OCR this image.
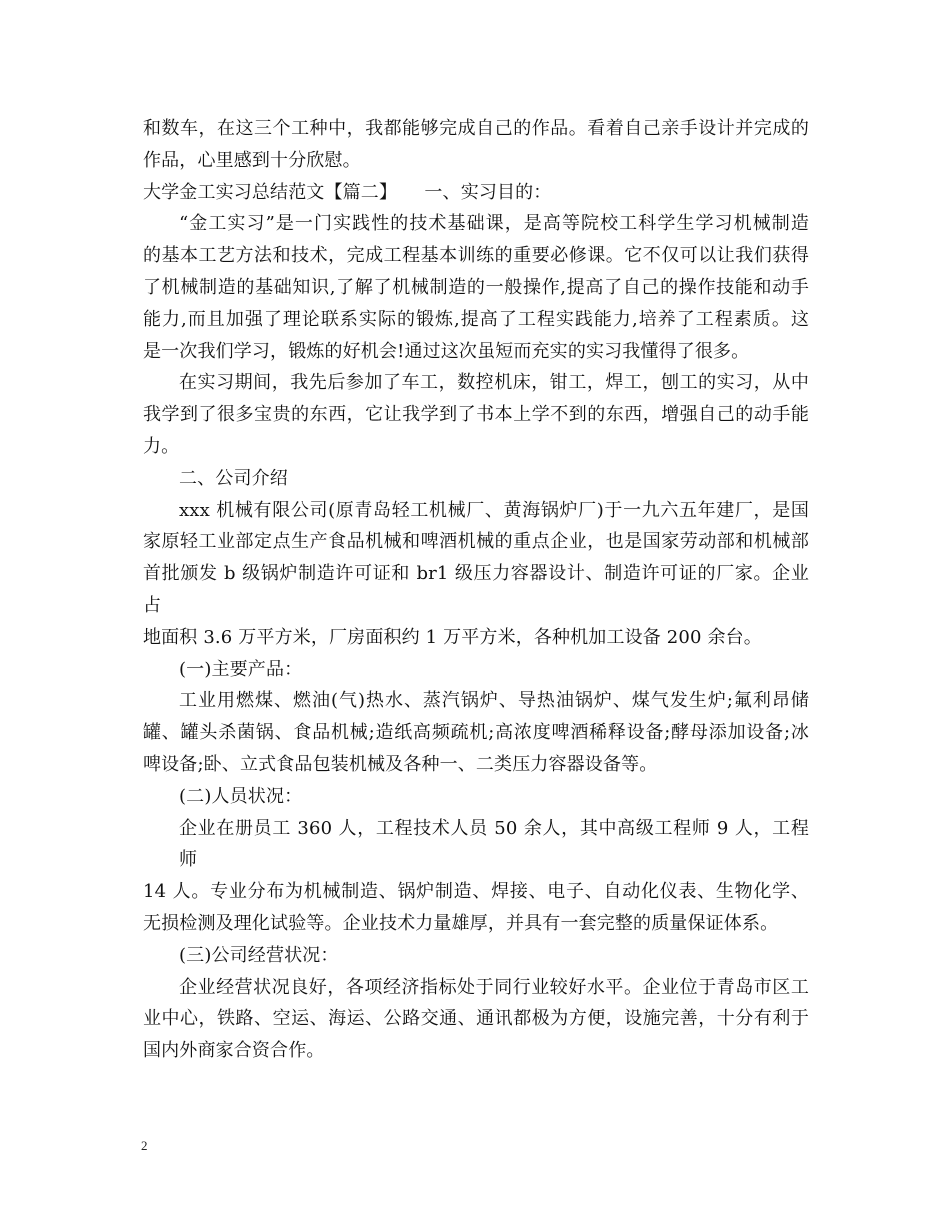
和数车，在这三个工种中，我都能够完成自己的作品。看着自己亲手设计并完成的
作品，心里感到十分欣慰。
大学金工实习总结范文【篇二】　　一、实习目的：
“金工实习”是一门实践性的技术基础课，是高等院校工科学生学习机械制造
的基本工艺方法和技术，完成工程基本训练的重要必修课。它不仅可以让我们获得
了机械制造的基础知识,了解了机械制造的一般操作,提高了自己的操作技能和动手
能力,而且加强了理论联系实际的锻炼,提高了工程实践能力,培养了工程素质。这
是一次我们学习，锻炼的好机会!通过这次虽短而充实的实习我懂得了很多。
在实习期间，我先后参加了车工，数控机床，钳工，焊工，刨工的实习，从中
我学到了很多宝贵的东西，它让我学到了书本上学不到的东西，增强自己的动手能
力。
二、公司介绍
xxx 机械有限公司(原青岛轻工机械厂、黄海锅炉厂)于一九六五年建厂，是国
家原轻工业部定点生产食品机械和啤酒机械的重点企业，也是国家劳动部和机械部
首批颁发 b 级锅炉制造许可证和 br1 级压力容器设计、制造许可证的厂家。企业占
地面积 3.6 万平方米，厂房面积约 1 万平方米，各种机加工设备 200 余台。
(一)主要产品：
工业用燃煤、燃油(气)热水、蒸汽锅炉、导热油锅炉、煤气发生炉;氟利昂储
罐、罐头杀菌锅、食品机械;造纸高频疏机;高浓度啤酒稀释设备;酵母添加设备;冰
啤设备;卧、立式食品包装机械及各种一、二类压力容器设备等。
(二)人员状况：
企业在册员工 360 人，工程技术人员 50 余人，其中高级工程师 9 人，工程师
14 人。专业分布为机械制造、锅炉制造、焊接、电子、自动化仪表、生物化学、
无损检测及理化试验等。企业技术力量雄厚，并具有一套完整的质量保证体系。
(三)公司经营状况：
企业经营状况良好，各项经济指标处于同行业较好水平。企业位于青岛市区工
业中心，铁路、空运、海运、公路交通、通讯都极为方便，设施完善，十分有利于
国内外商家合资合作。
2
